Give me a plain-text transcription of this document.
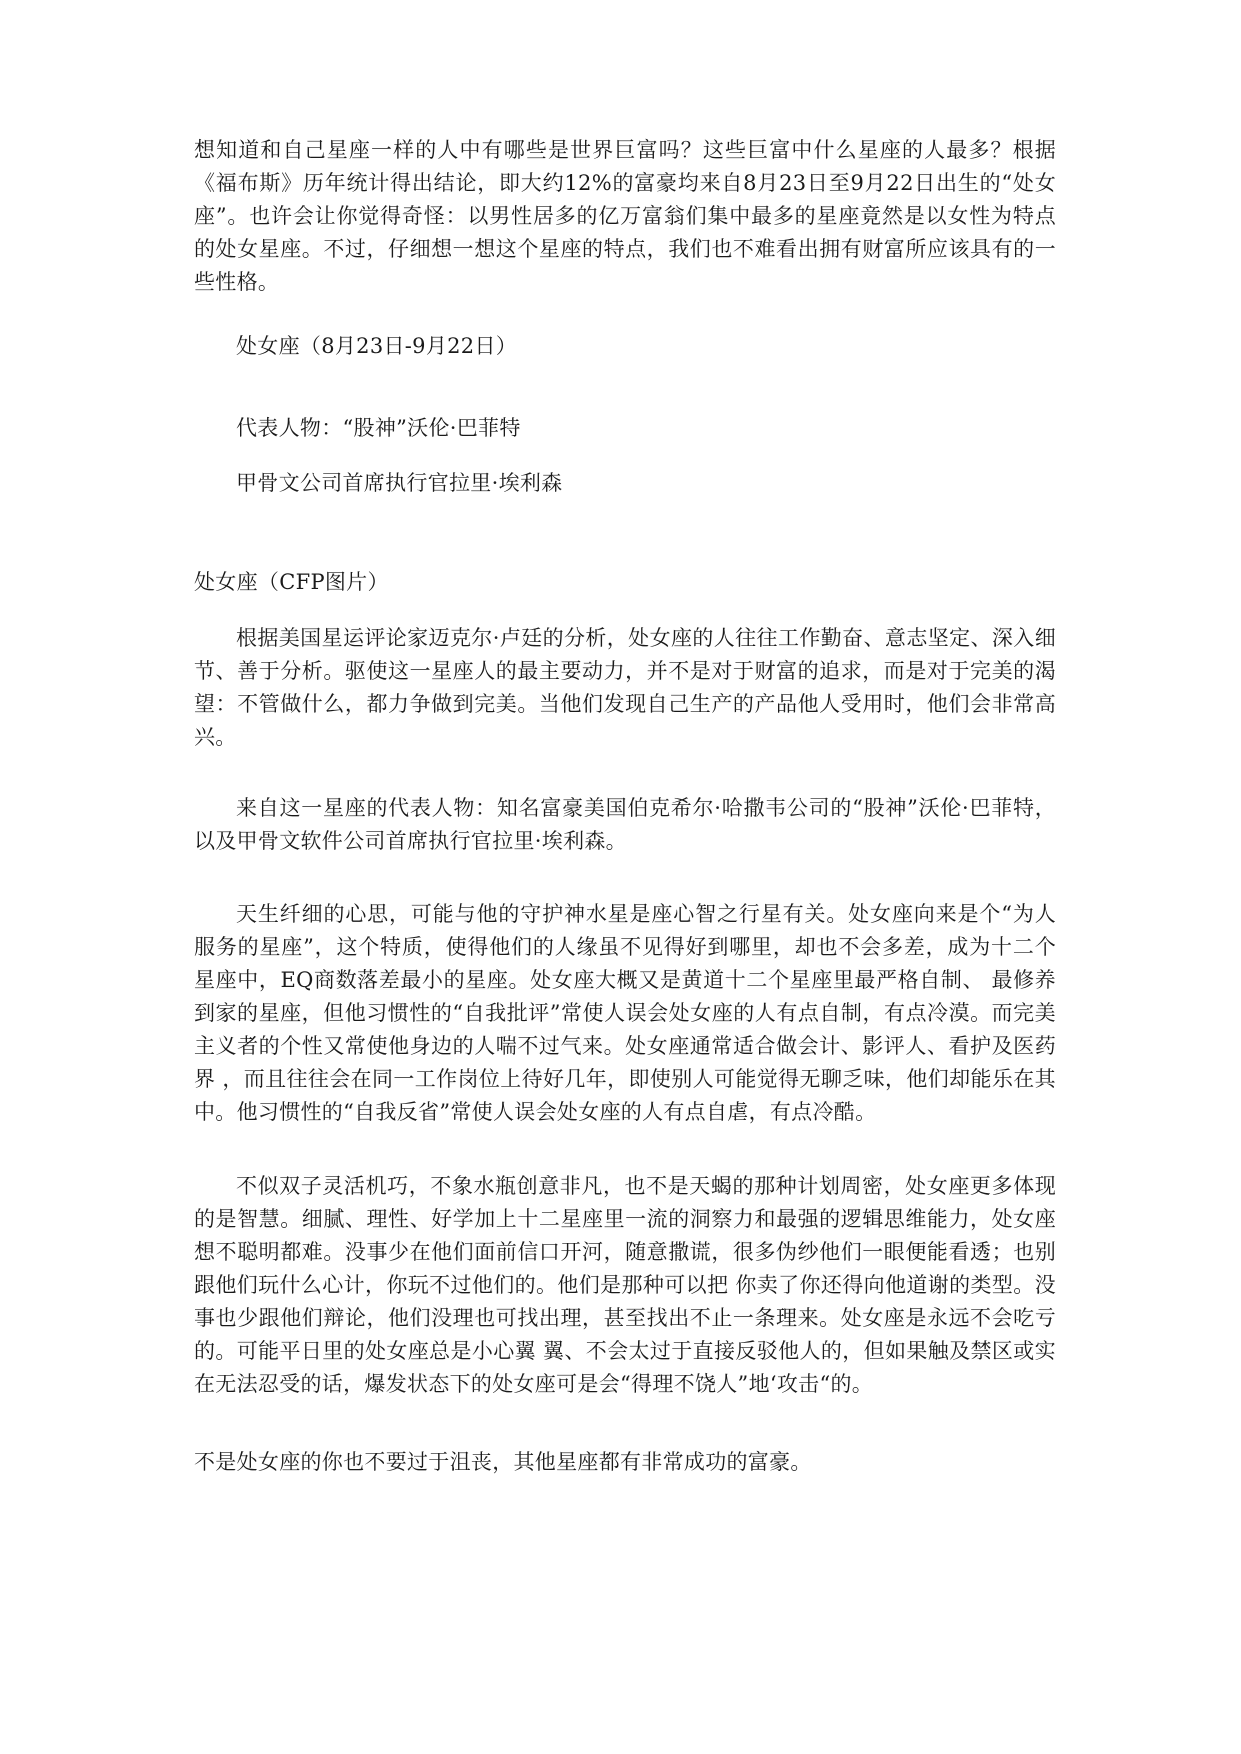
想知道和自己星座一样的人中有哪些是世界巨富吗？这些巨富中什么星座的人最多？根据《福布斯》历年统计得出结论，即大约12%的富豪均来自8月23日至9月22日出生的“处女座”。也许会让你觉得奇怪：以男性居多的亿万富翁们集中最多的星座竟然是以女性为特点的处女星座。不过，仔细想一想这个星座的特点，我们也不难看出拥有财富所应该具有的一些性格。

处女座（8月23日-9月22日）

代表人物：“股神”沃伦·巴菲特

甲骨文公司首席执行官拉里·埃利森

处女座（CFP图片）

根据美国星运评论家迈克尔·卢廷的分析，处女座的人往往工作勤奋、意志坚定、深入细节、善于分析。驱使这一星座人的最主要动力，并不是对于财富的追求，而是对于完美的渴望：不管做什么，都力争做到完美。当他们发现自己生产的产品他人受用时，他们会非常高兴。

来自这一星座的代表人物：知名富豪美国伯克希尔·哈撒韦公司的“股神”沃伦·巴菲特，以及甲骨文软件公司首席执行官拉里·埃利森。

天生纤细的心思，可能与他的守护神水星是座心智之行星有关。处女座向来是个“为人服务的星座”，这个特质，使得他们的人缘虽不见得好到哪里，却也不会多差，成为十二个星座中，EQ商数落差最小的星座。处女座大概又是黄道十二个星座里最严格自制、 最修养到家的星座，但他习惯性的“自我批评”常使人误会处女座的人有点自制，有点冷漠。而完美主义者的个性又常使他身边的人喘不过气来。处女座通常适合做会计、影评人、看护及医药界 ，而且往往会在同一工作岗位上待好几年，即使别人可能觉得无聊乏味，他们却能乐在其中。他习惯性的“自我反省”常使人误会处女座的人有点自虐，有点冷酷。

不似双子灵活机巧，不象水瓶创意非凡，也不是天蝎的那种计划周密，处女座更多体现的是智慧。细腻、理性、好学加上十二星座里一流的洞察力和最强的逻辑思维能力，处女座想不聪明都难。没事少在他们面前信口开河，随意撒谎，很多伪纱他们一眼便能看透；也别跟他们玩什么心计，你玩不过他们的。他们是那种可以把 你卖了你还得向他道谢的类型。没事也少跟他们辩论，他们没理也可找出理，甚至找出不止一条理来。处女座是永远不会吃亏的。可能平日里的处女座总是小心翼 翼、不会太过于直接反驳他人的，但如果触及禁区或实在无法忍受的话，爆发状态下的处女座可是会“得理不饶人”地‘攻击“的。

不是处女座的你也不要过于沮丧，其他星座都有非常成功的富豪。
